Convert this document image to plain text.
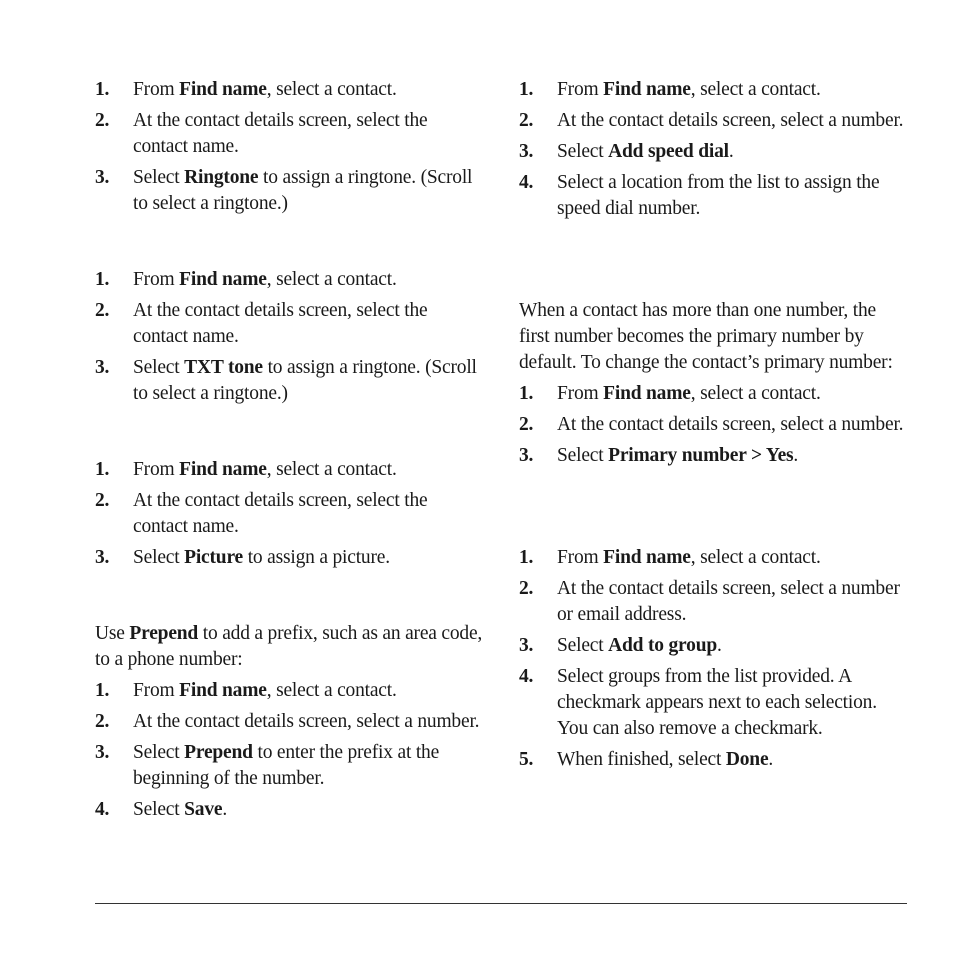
1. From Find name, select a contact.
2. At the contact details screen, select the contact name.
3. Select Ringtone to assign a ringtone. (Scroll to select a ringtone.)
1. From Find name, select a contact.
2. At the contact details screen, select the contact name.
3. Select TXT tone to assign a ringtone. (Scroll to select a ringtone.)
1. From Find name, select a contact.
2. At the contact details screen, select the contact name.
3. Select Picture to assign a picture.
Use Prepend to add a prefix, such as an area code, to a phone number:
1. From Find name, select a contact.
2. At the contact details screen, select a number.
3. Select Prepend to enter the prefix at the beginning of the number.
4. Select Save.
1. From Find name, select a contact.
2. At the contact details screen, select a number.
3. Select Add speed dial.
4. Select a location from the list to assign the speed dial number.
When a contact has more than one number, the first number becomes the primary number by default. To change the contact’s primary number:
1. From Find name, select a contact.
2. At the contact details screen, select a number.
3. Select Primary number > Yes.
1. From Find name, select a contact.
2. At the contact details screen, select a number or email address.
3. Select Add to group.
4. Select groups from the list provided. A checkmark appears next to each selection. You can also remove a checkmark.
5. When finished, select Done.
